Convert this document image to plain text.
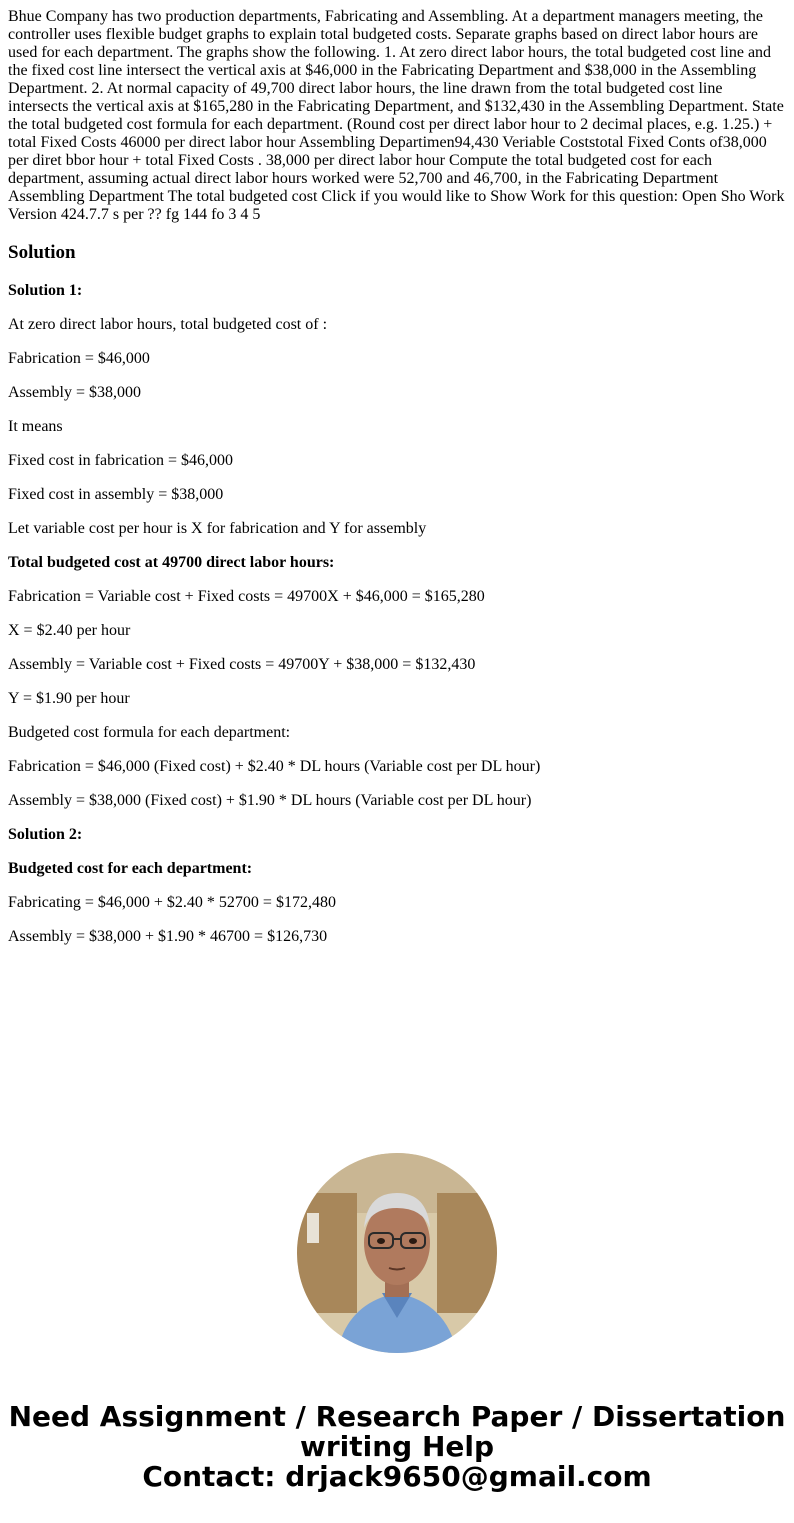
Bhue Company has two production departments, Fabricating and Assembling. At a department managers meeting, the controller uses flexible budget graphs to explain total budgeted costs. Separate graphs based on direct labor hours are used for each department. The graphs show the following. 1. At zero direct labor hours, the total budgeted cost line and the fixed cost line intersect the vertical axis at $46,000 in the Fabricating Department and $38,000 in the Assembling Department. 2. At normal capacity of 49,700 direct labor hours, the line drawn from the total budgeted cost line intersects the vertical axis at $165,280 in the Fabricating Department, and $132,430 in the Assembling Department. State the total budgeted cost formula for each department. (Round cost per direct labor hour to 2 decimal places, e.g. 1.25.) + total Fixed Costs 46000 per direct labor hour Assembling Departimen94,430 Veriable Coststotal Fixed Conts of38,000 per diret bbor hour + total Fixed Costs . 38,000 per direct labor hour Compute the total budgeted cost for each department, assuming actual direct labor hours worked were 52,700 and 46,700, in the Fabricating Department Assembling Department The total budgeted cost Click if you would like to Show Work for this question: Open Sho Work Version 424.7.7 s per ?? fg 144 fo 3 4 5

Solution

Solution 1:

At zero direct labor hours, total budgeted cost of :

Fabrication = $46,000

Assembly = $38,000

It means

Fixed cost in fabrication = $46,000

Fixed cost in assembly = $38,000

Let variable cost per hour is X for fabrication and Y for assembly

Total budgeted cost at 49700 direct labor hours:

Fabrication = Variable cost + Fixed costs = 49700X + $46,000 = $165,280

X = $2.40 per hour

Assembly = Variable cost + Fixed costs = 49700Y + $38,000 = $132,430

Y = $1.90 per hour

Budgeted cost formula for each department:

Fabrication = $46,000 (Fixed cost) + $2.40 * DL hours (Variable cost per DL hour)

Assembly = $38,000 (Fixed cost) + $1.90 * DL hours (Variable cost per DL hour)

Solution 2:

Budgeted cost for each department:

Fabricating = $46,000 + $2.40 * 52700 = $172,480

Assembly = $38,000 + $1.90 * 46700 = $126,730

Need Assignment / Research Paper / Dissertation
writing Help
Contact: drjack9650@gmail.com
